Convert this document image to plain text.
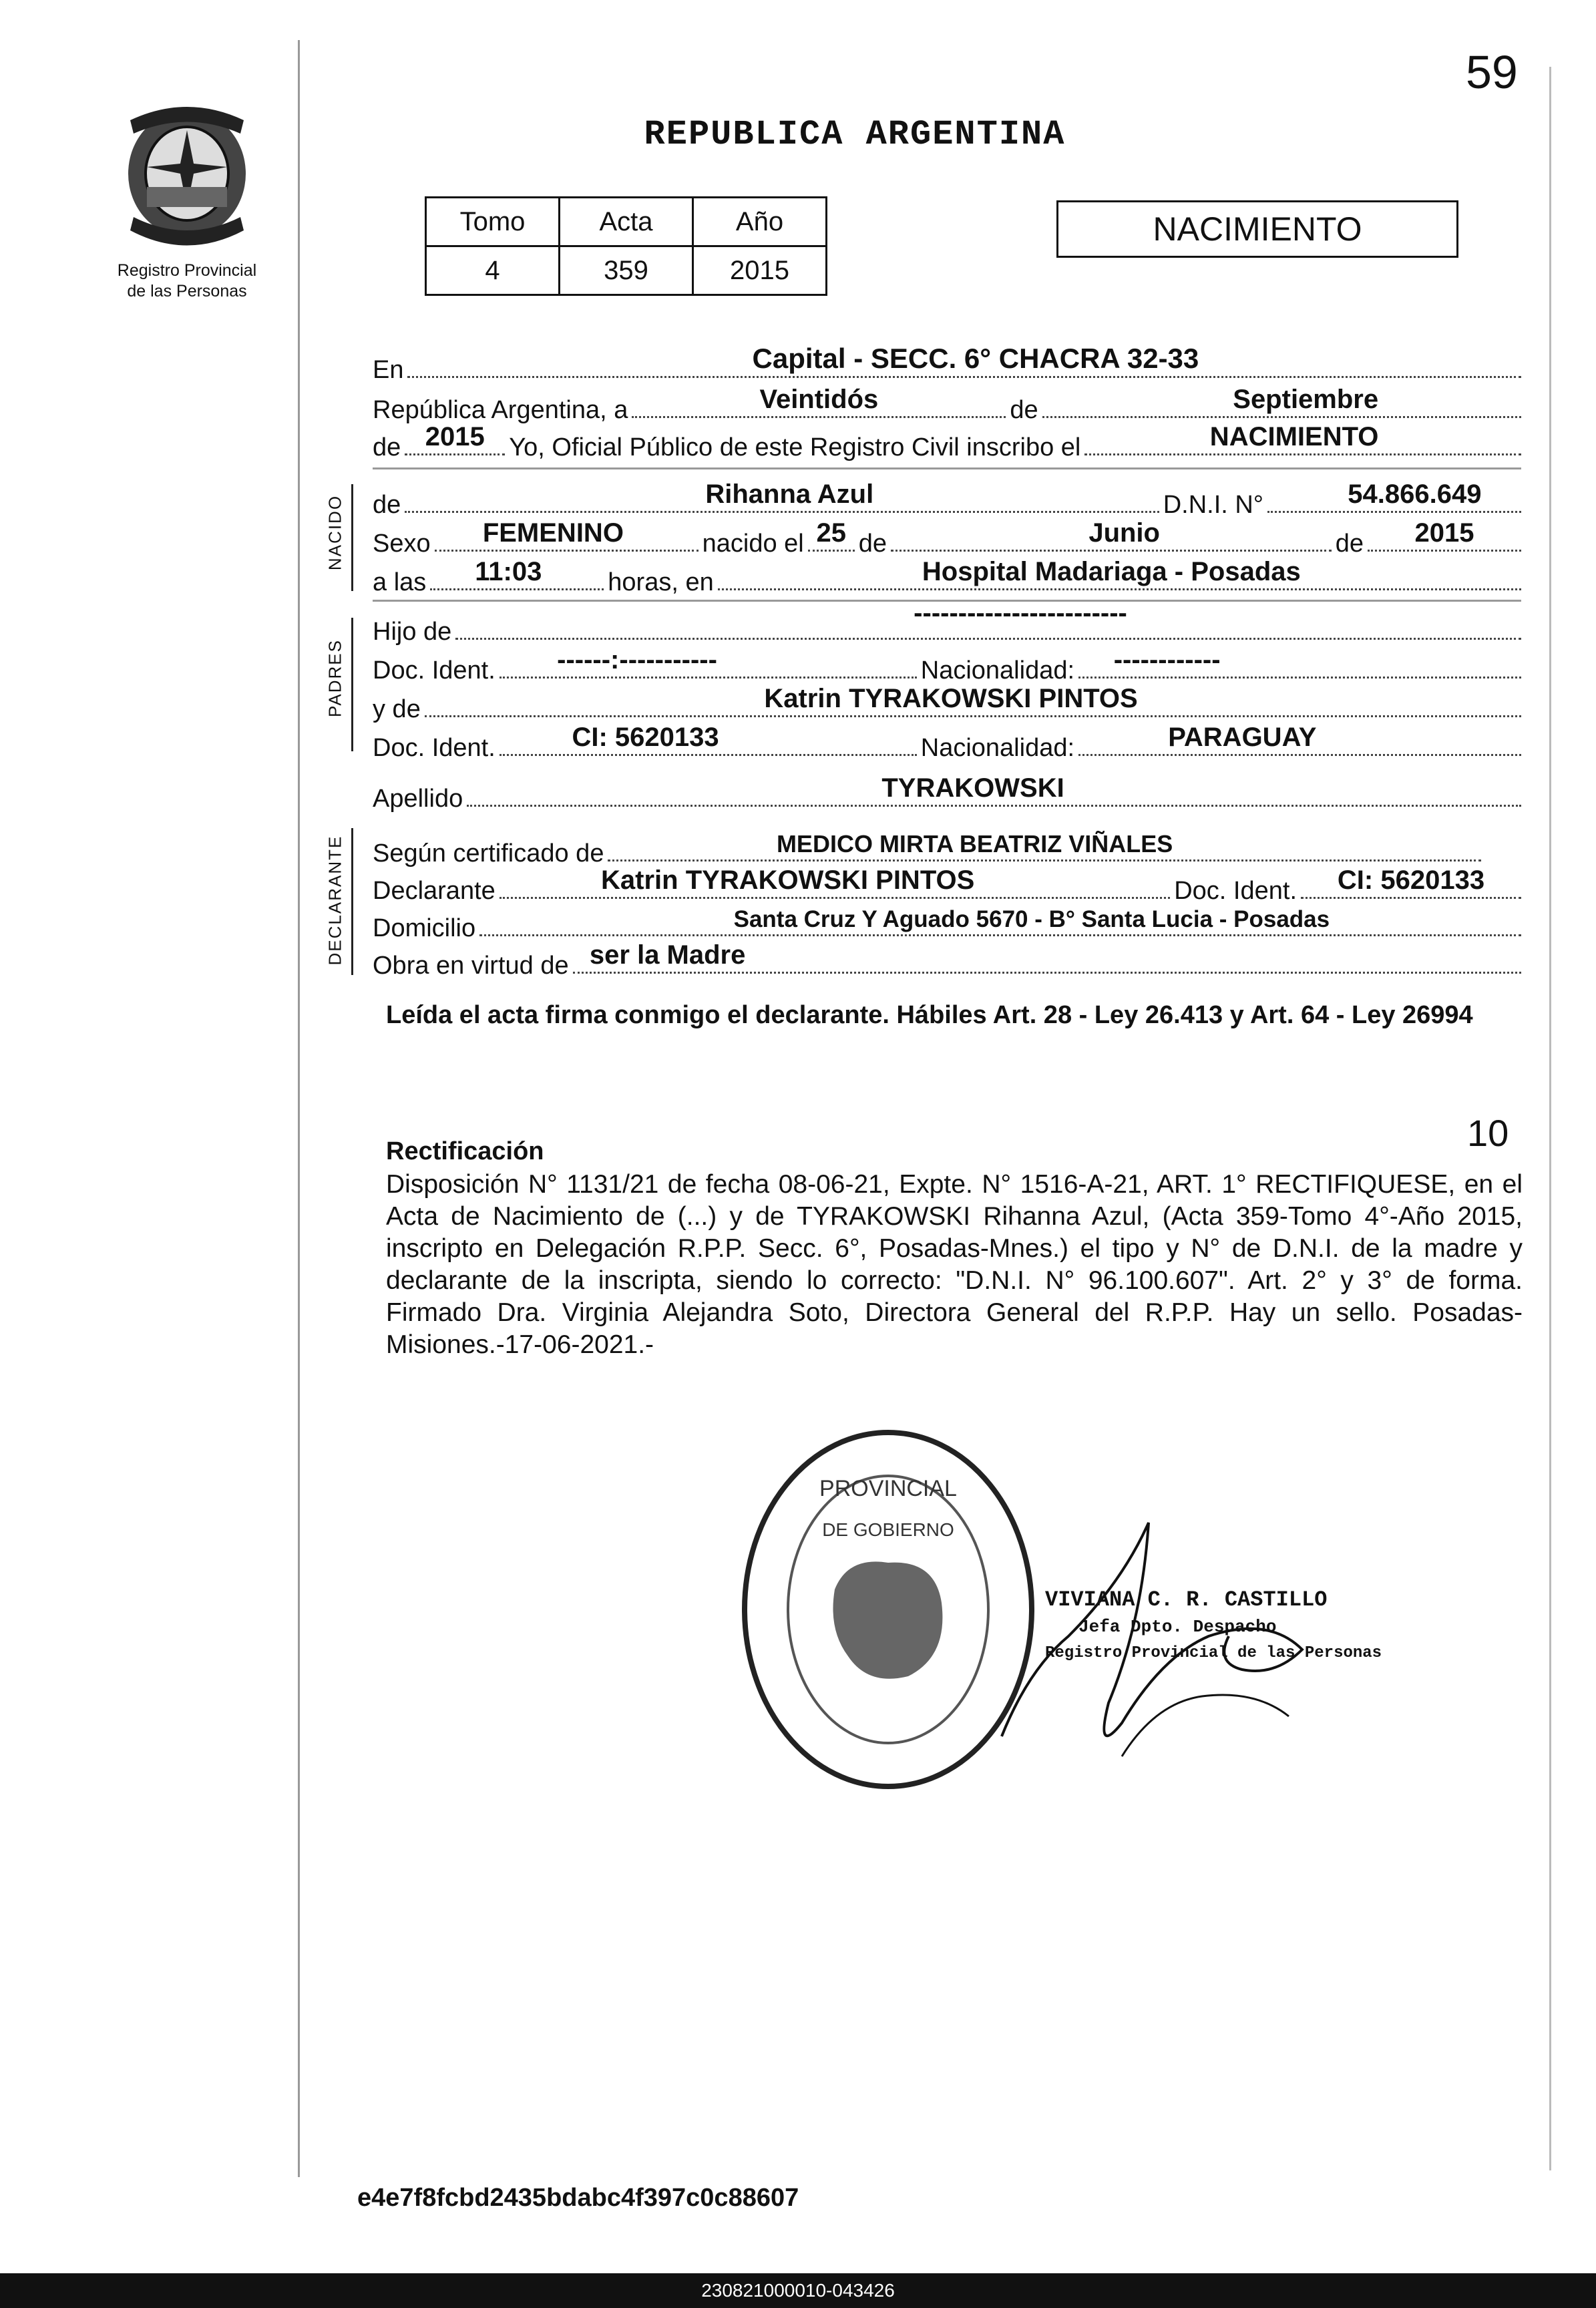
59
Registro Provincial
de las Personas
REPUBLICA ARGENTINA
Tomo	Acta	Año
4	359	2015
NACIMIENTO
NACIDO
PADRES
DECLARANTE
En	Capital - SECC. 6° CHACRA 32-33
República Argentina, a	Veintidós	de	Septiembre
de 2015 Yo, Oficial Público de este Registro Civil inscribo el	NACIMIENTO
de	Rihanna Azul	D.N.I. N°	54.866.649
Sexo FEMENINO	nacido el 25 de	Junio	de 2015
a las 11:03	horas, en	Hospital Madariaga - Posadas
Hijo de
------------------------
Doc. Ident. ------:-----------	Nacionalidad: ------------
y de	Katrin TYRAKOWSKI PINTOS
Doc. Ident.	CI: 5620133	Nacionalidad:	PARAGUAY
Apellido	TYRAKOWSKI
Según certificado de	MEDICO MIRTA BEATRIZ VIÑALES
Declarante	Katrin TYRAKOWSKI PINTOS	Doc. Ident. CI: 5620133
Domicilio	Santa Cruz Y Aguado 5670 - B° Santa Lucia - Posadas
Obra en virtud de ser la Madre
Leída el acta firma conmigo el declarante. Hábiles Art. 28 - Ley 26.413 y Art. 64 - Ley 26994
10
Rectificación
Disposición N° 1131/21 de fecha 08-06-21, Expte. N° 1516-A-21, ART. 1° RECTIFIQUESE, en el Acta de Nacimiento de (...) y de TYRAKOWSKI Rihanna Azul, (Acta 359-Tomo 4°-Año 2015, inscripto en Delegación R.P.P. Secc. 6°, Posadas-Mnes.) el tipo y N° de D.N.I. de la madre y declarante de la inscripta, siendo lo correcto: "D.N.I. N° 96.100.607". Art. 2° y 3° de forma. Firmado Dra. Virginia Alejandra Soto, Directora General del R.P.P. Hay un sello. Posadas-Misiones.-17-06-2021.-
PROVINCIAL
DE GOBIERNO
VIVIANA C. R. CASTILLO
Jefa Dpto. Despacho
Registro Provincial de las Personas
e4e7f8fcbd2435bdabc4f397c0c88607
230821000010-043426
